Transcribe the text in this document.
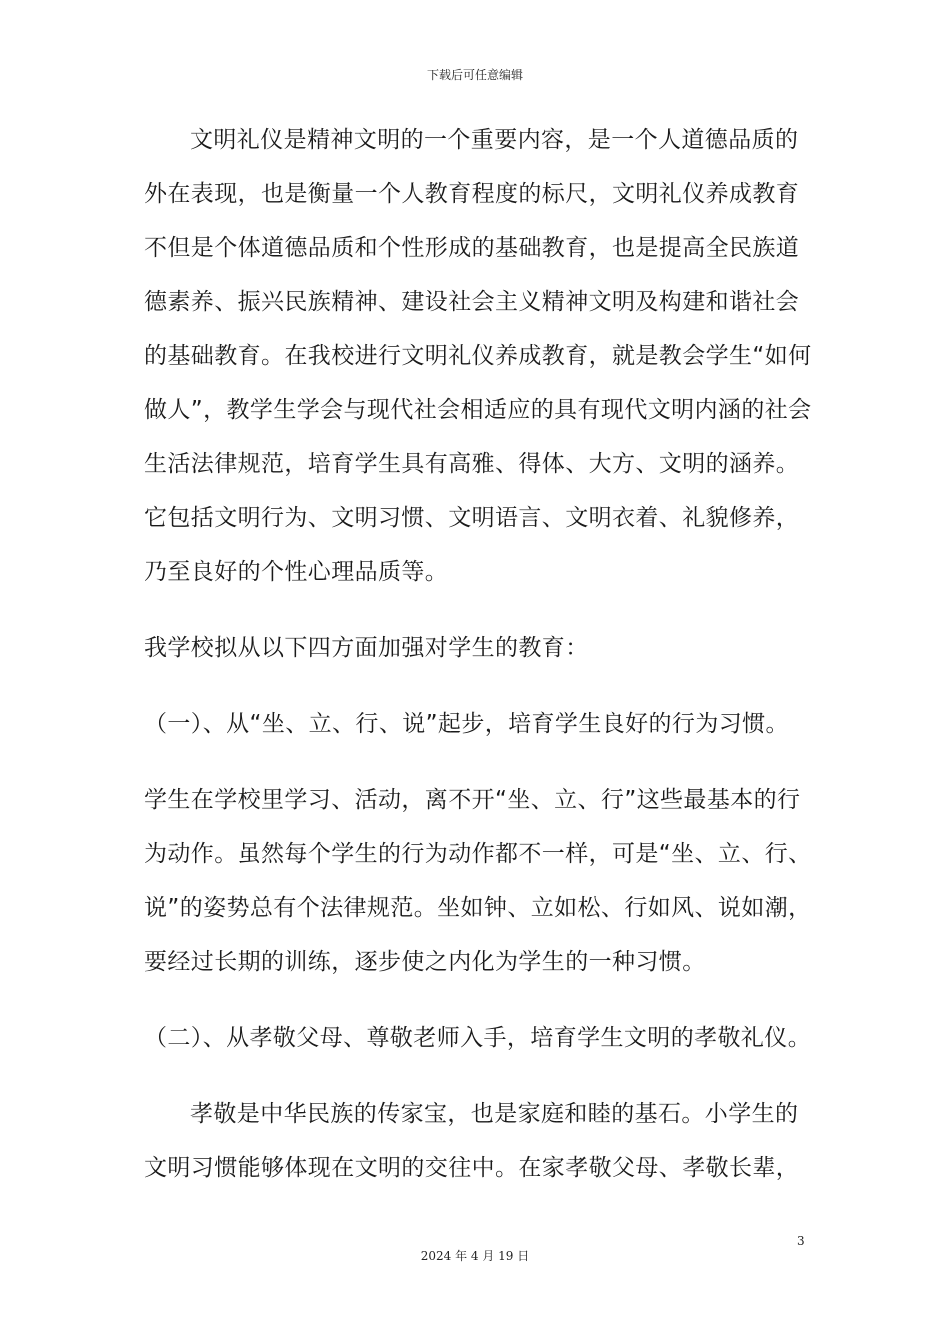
下载后可任意编辑
文明礼仪是精神文明的一个重要内容，是一个人道德品质的
外在表现，也是衡量一个人教育程度的标尺，文明礼仪养成教育
不但是个体道德品质和个性形成的基础教育，也是提高全民族道
德素养、振兴民族精神、建设社会主义精神文明及构建和谐社会
的基础教育。在我校进行文明礼仪养成教育，就是教会学生“如何
做人”，教学生学会与现代社会相适应的具有现代文明内涵的社会
生活法律规范，培育学生具有高雅、得体、大方、文明的涵养。
它包括文明行为、文明习惯、文明语言、文明衣着、礼貌修养，
乃至良好的个性心理品质等。
我学校拟从以下四方面加强对学生的教育：
（一）、从“坐、立、行、说”起步，培育学生良好的行为习惯。
学生在学校里学习、活动，离不开“坐、立、行”这些最基本的行
为动作。虽然每个学生的行为动作都不一样，可是“坐、立、行、
说”的姿势总有个法律规范。坐如钟、立如松、行如风、说如潮，
要经过长期的训练，逐步使之内化为学生的一种习惯。
（二）、从孝敬父母、尊敬老师入手，培育学生文明的孝敬礼仪。
孝敬是中华民族的传家宝，也是家庭和睦的基石。小学生的
文明习惯能够体现在文明的交往中。在家孝敬父母、孝敬长辈，
3
2024 年 4 月 19 日
